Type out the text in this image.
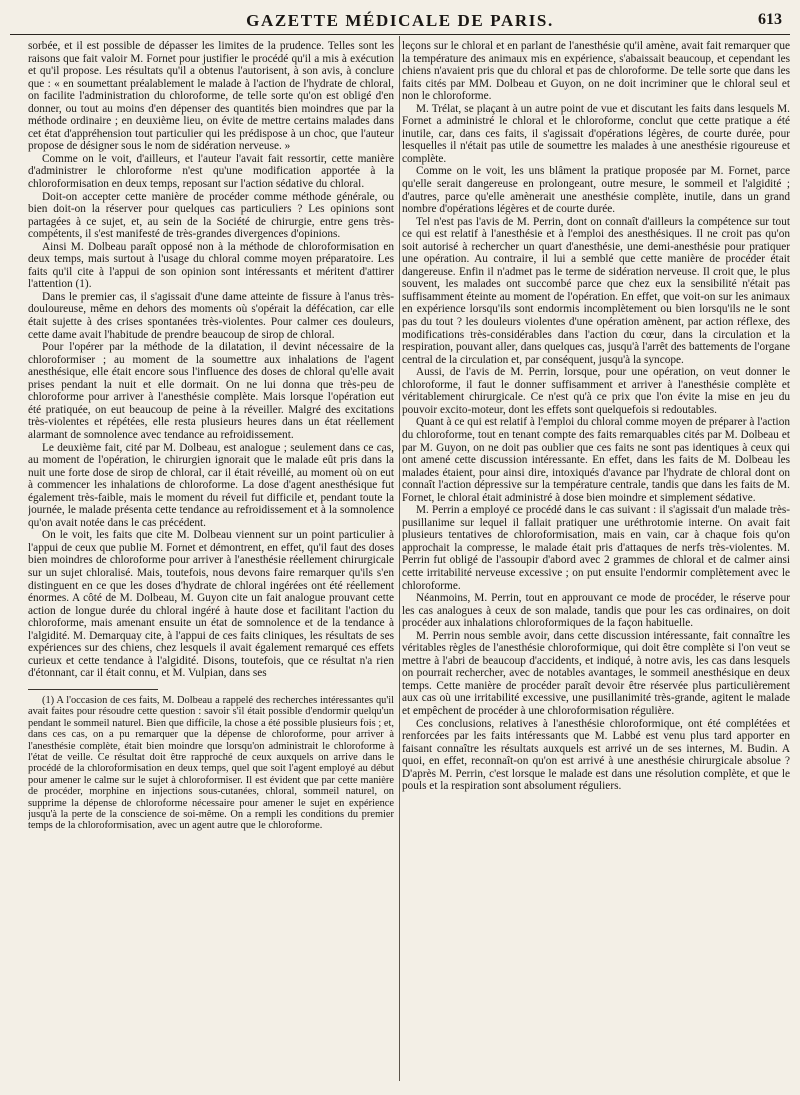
GAZETTE MÉDICALE DE PARIS.	613

sorbée, et il est possible de dépasser les limites de la prudence. Telles sont les raisons que fait valoir M. Fornet pour justifier le procédé qu'il a mis à exécution et qu'il propose. Les résultats qu'il a obtenus l'autorisent, à son avis, à conclure que : « en soumettant préalablement le malade à l'action de l'hydrate de chloral, on facilite l'administration du chloroforme, de telle sorte qu'on est obligé d'en donner, ou tout au moins d'en dépenser des quantités bien moindres que par la méthode ordinaire ; en deuxième lieu, on évite de mettre certains malades dans cet état d'appréhension tout particulier qui les prédispose à un choc, que l'auteur propose de désigner sous le nom de sidération nerveuse. »

Comme on le voit, d'ailleurs, et l'auteur l'avait fait ressortir, cette manière d'administrer le chloroforme n'est qu'une modification apportée à la chloroformisation en deux temps, reposant sur l'action sédative du chloral.

Doit-on accepter cette manière de procéder comme méthode générale, ou bien doit-on la réserver pour quelques cas particuliers ? Les opinions sont partagées à ce sujet, et, au sein de la Société de chirurgie, entre gens très-compétents, il s'est manifesté de très-grandes divergences d'opinions.

Ainsi M. Dolbeau paraît opposé non à la méthode de chloroformisation en deux temps, mais surtout à l'usage du chloral comme moyen préparatoire. Les faits qu'il cite à l'appui de son opinion sont intéressants et méritent d'attirer l'attention (1).

Dans le premier cas, il s'agissait d'une dame atteinte de fissure à l'anus très-douloureuse, même en dehors des moments où s'opérait la défécation, car elle était sujette à des crises spontanées très-violentes. Pour calmer ces douleurs, cette dame avait l'habitude de prendre beaucoup de sirop de chloral.

Pour l'opérer par la méthode de la dilatation, il devint nécessaire de la chloroformiser ; au moment de la soumettre aux inhalations de l'agent anesthésique, elle était encore sous l'influence des doses de chloral qu'elle avait prises pendant la nuit et elle dormait. On ne lui donna que très-peu de chloroforme pour arriver à l'anesthésie complète. Mais lorsque l'opération eut été pratiquée, on eut beaucoup de peine à la réveiller. Malgré des excitations très-violentes et répétées, elle resta plusieurs heures dans un état réellement alarmant de somnolence avec tendance au refroidissement.

Le deuxième fait, cité par M. Dolbeau, est analogue ; seulement dans ce cas, au moment de l'opération, le chirurgien ignorait que le malade eût pris dans la nuit une forte dose de sirop de chloral, car il était réveillé, au moment où on eut à commencer les inhalations de chloroforme. La dose d'agent anesthésique fut également très-faible, mais le moment du réveil fut difficile et, pendant toute la journée, le malade présenta cette tendance au refroidissement et à la somnolence qu'on avait notée dans le cas précédent.

On le voit, les faits que cite M. Dolbeau viennent sur un point particulier à l'appui de ceux que publie M. Fornet et démontrent, en effet, qu'il faut des doses bien moindres de chloroforme pour arriver à l'anesthésie réellement chirurgicale sur un sujet chloralisé. Mais, toutefois, nous devons faire remarquer qu'ils s'en distinguent en ce que les doses d'hydrate de chloral ingérées ont été réellement énormes. A côté de M. Dolbeau, M. Guyon cite un fait analogue prouvant cette action de longue durée du chloral ingéré à haute dose et facilitant l'action du chloroforme, mais amenant ensuite un état de somnolence et de la tendance à l'algidité. M. Demarquay cite, à l'appui de ces faits cliniques, les résultats de ses expériences sur des chiens, chez lesquels il avait également remarqué ces effets curieux et cette tendance à l'algidité. Disons, toutefois, que ce résultat n'a rien d'étonnant, car il était connu, et M. Vulpian, dans ses

(1) A l'occasion de ces faits, M. Dolbeau a rappelé des recherches intéressantes qu'il avait faites pour résoudre cette question : savoir s'il était possible d'endormir quelqu'un pendant le sommeil naturel. Bien que difficile, la chose a été possible plusieurs fois ; et, dans ces cas, on a pu remarquer que la dépense de chloroforme, pour arriver à l'anesthésie complète, était bien moindre que lorsqu'on administrait le chloroforme à l'état de veille. Ce résultat doit être rapproché de ceux auxquels on arrive dans le procédé de la chloroformisation en deux temps, quel que soit l'agent employé au début pour amener le calme sur le sujet à chloroformiser. Il est évident que par cette manière de procéder, morphine en injections sous-cutanées, chloral, sommeil naturel, on supprime la dépense de chloroforme nécessaire pour amener le sujet en expérience jusqu'à la perte de la conscience de soi-même. On a rempli les conditions du premier temps de la chloroformisation, avec un agent autre que le chloroforme.

leçons sur le chloral et en parlant de l'anesthésie qu'il amène, avait fait remarquer que la température des animaux mis en expérience, s'abaissait beaucoup, et cependant les chiens n'avaient pris que du chloral et pas de chloroforme. De telle sorte que dans les faits cités par MM. Dolbeau et Guyon, on ne doit incriminer que le chloral seul et non le chloroforme.

M. Trélat, se plaçant à un autre point de vue et discutant les faits dans lesquels M. Fornet a administré le chloral et le chloroforme, conclut que cette pratique a été inutile, car, dans ces faits, il s'agissait d'opérations légères, de courte durée, pour lesquelles il n'était pas utile de soumettre les malades à une anesthésie rigoureuse et complète.

Comme on le voit, les uns blâment la pratique proposée par M. Fornet, parce qu'elle serait dangereuse en prolongeant, outre mesure, le sommeil et l'algidité ; d'autres, parce qu'elle amènerait une anesthésie complète, inutile, dans un grand nombre d'opérations légères et de courte durée.

Tel n'est pas l'avis de M. Perrin, dont on connaît d'ailleurs la compétence sur tout ce qui est relatif à l'anesthésie et à l'emploi des anesthésiques. Il ne croit pas qu'on soit autorisé à rechercher un quart d'anesthésie, une demi-anesthésie pour pratiquer une opération. Au contraire, il lui a semblé que cette manière de procéder était dangereuse. Enfin il n'admet pas le terme de sidération nerveuse. Il croit que, le plus souvent, les malades ont succombé parce que chez eux la sensibilité n'était pas suffisamment éteinte au moment de l'opération. En effet, que voit-on sur les animaux en expérience lorsqu'ils sont endormis incomplètement ou bien lorsqu'ils ne le sont pas du tout ? les douleurs violentes d'une opération amènent, par action réflexe, des modifications très-considérables dans l'action du cœur, dans la circulation et la respiration, pouvant aller, dans quelques cas, jusqu'à l'arrêt des battements de l'organe central de la circulation et, par conséquent, jusqu'à la syncope.

Aussi, de l'avis de M. Perrin, lorsque, pour une opération, on veut donner le chloroforme, il faut le donner suffisamment et arriver à l'anesthésie complète et véritablement chirurgicale. Ce n'est qu'à ce prix que l'on évite la mise en jeu du pouvoir excito-moteur, dont les effets sont quelquefois si redoutables.

Quant à ce qui est relatif à l'emploi du chloral comme moyen de préparer à l'action du chloroforme, tout en tenant compte des faits remarquables cités par M. Dolbeau et par M. Guyon, on ne doit pas oublier que ces faits ne sont pas identiques à ceux qui ont amené cette discussion intéressante. En effet, dans les faits de M. Dolbeau les malades étaient, pour ainsi dire, intoxiqués d'avance par l'hydrate de chloral dont on connaît l'action dépressive sur la température centrale, tandis que dans les faits de M. Fornet, le chloral était administré à dose bien moindre et simplement sédative.

M. Perrin a employé ce procédé dans le cas suivant : il s'agissait d'un malade très-pusillanime sur lequel il fallait pratiquer une uréthrotomie interne. On avait fait plusieurs tentatives de chloroformisation, mais en vain, car à chaque fois qu'on approchait la compresse, le malade était pris d'attaques de nerfs très-violentes. M. Perrin fut obligé de l'assoupir d'abord avec 2 grammes de chloral et de calmer ainsi cette irritabilité nerveuse excessive ; on put ensuite l'endormir complètement avec le chloroforme.

Néanmoins, M. Perrin, tout en approuvant ce mode de procéder, le réserve pour les cas analogues à ceux de son malade, tandis que pour les cas ordinaires, on doit procéder aux inhalations chloroformiques de la façon habituelle.

M. Perrin nous semble avoir, dans cette discussion intéressante, fait connaître les véritables règles de l'anesthésie chloroformique, qui doit être complète si l'on veut se mettre à l'abri de beaucoup d'accidents, et indiqué, à notre avis, les cas dans lesquels on pourrait rechercher, avec de notables avantages, le sommeil anesthésique en deux temps. Cette manière de procéder paraît devoir être réservée plus particulièrement aux cas où une irritabilité excessive, une pusillanimité très-grande, agitent le malade et empêchent de procéder à une chloroformisation régulière.

Ces conclusions, relatives à l'anesthésie chloroformique, ont été complétées et renforcées par les faits intéressants que M. Labbé est venu plus tard apporter en faisant connaître les résultats auxquels est arrivé un de ses internes, M. Budin. A quoi, en effet, reconnaît-on qu'on est arrivé à une anesthésie chirurgicale absolue ? D'après M. Perrin, c'est lorsque le malade est dans une résolution complète, et que le pouls et la respiration sont absolument réguliers.
